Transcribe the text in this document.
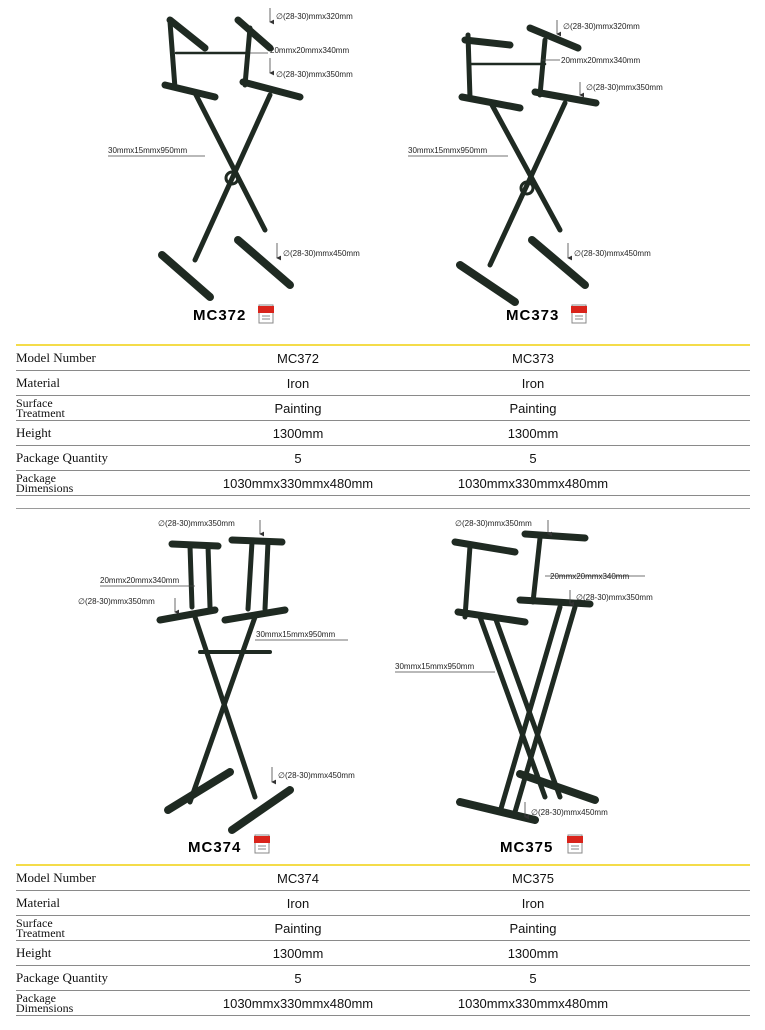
∅(28-30)mmx320mm
20mmx20mmx340mm
∅(28-30)mmx350mm
30mmx15mmx950mm
∅(28-30)mmx450mm
∅(28-30)mmx320mm
20mmx20mmx340mm
∅(28-30)mmx350mm
30mmx15mmx950mm
∅(28-30)mmx450mm
MC372	MC373
Model Number	MC372	MC373	
Material	Iron	Iron	
Surface
Treatment	Painting	Painting	
Height	1300mm	1300mm	
Package Quantity	5	5	
Package
Dimensions	1030mmx330mmx480mm	1030mmx330mmx480mm	
∅(28-30)mmx350mm
20mmx20mmx340mm
∅(28-30)mmx350mm
30mmx15mmx950mm
∅(28-30)mmx450mm
∅(28-30)mmx350mm
20mmx20mmx340mm
∅(28-30)mmx350mm
30mmx15mmx950mm
∅(28-30)mmx450mm
MC374	MC375
Model Number	MC374	MC375	
Material	Iron	Iron	
Surface
Treatment	Painting	Painting	
Height	1300mm	1300mm	
Package Quantity	5	5	
Package
Dimensions	1030mmx330mmx480mm	1030mmx330mmx480mm	
